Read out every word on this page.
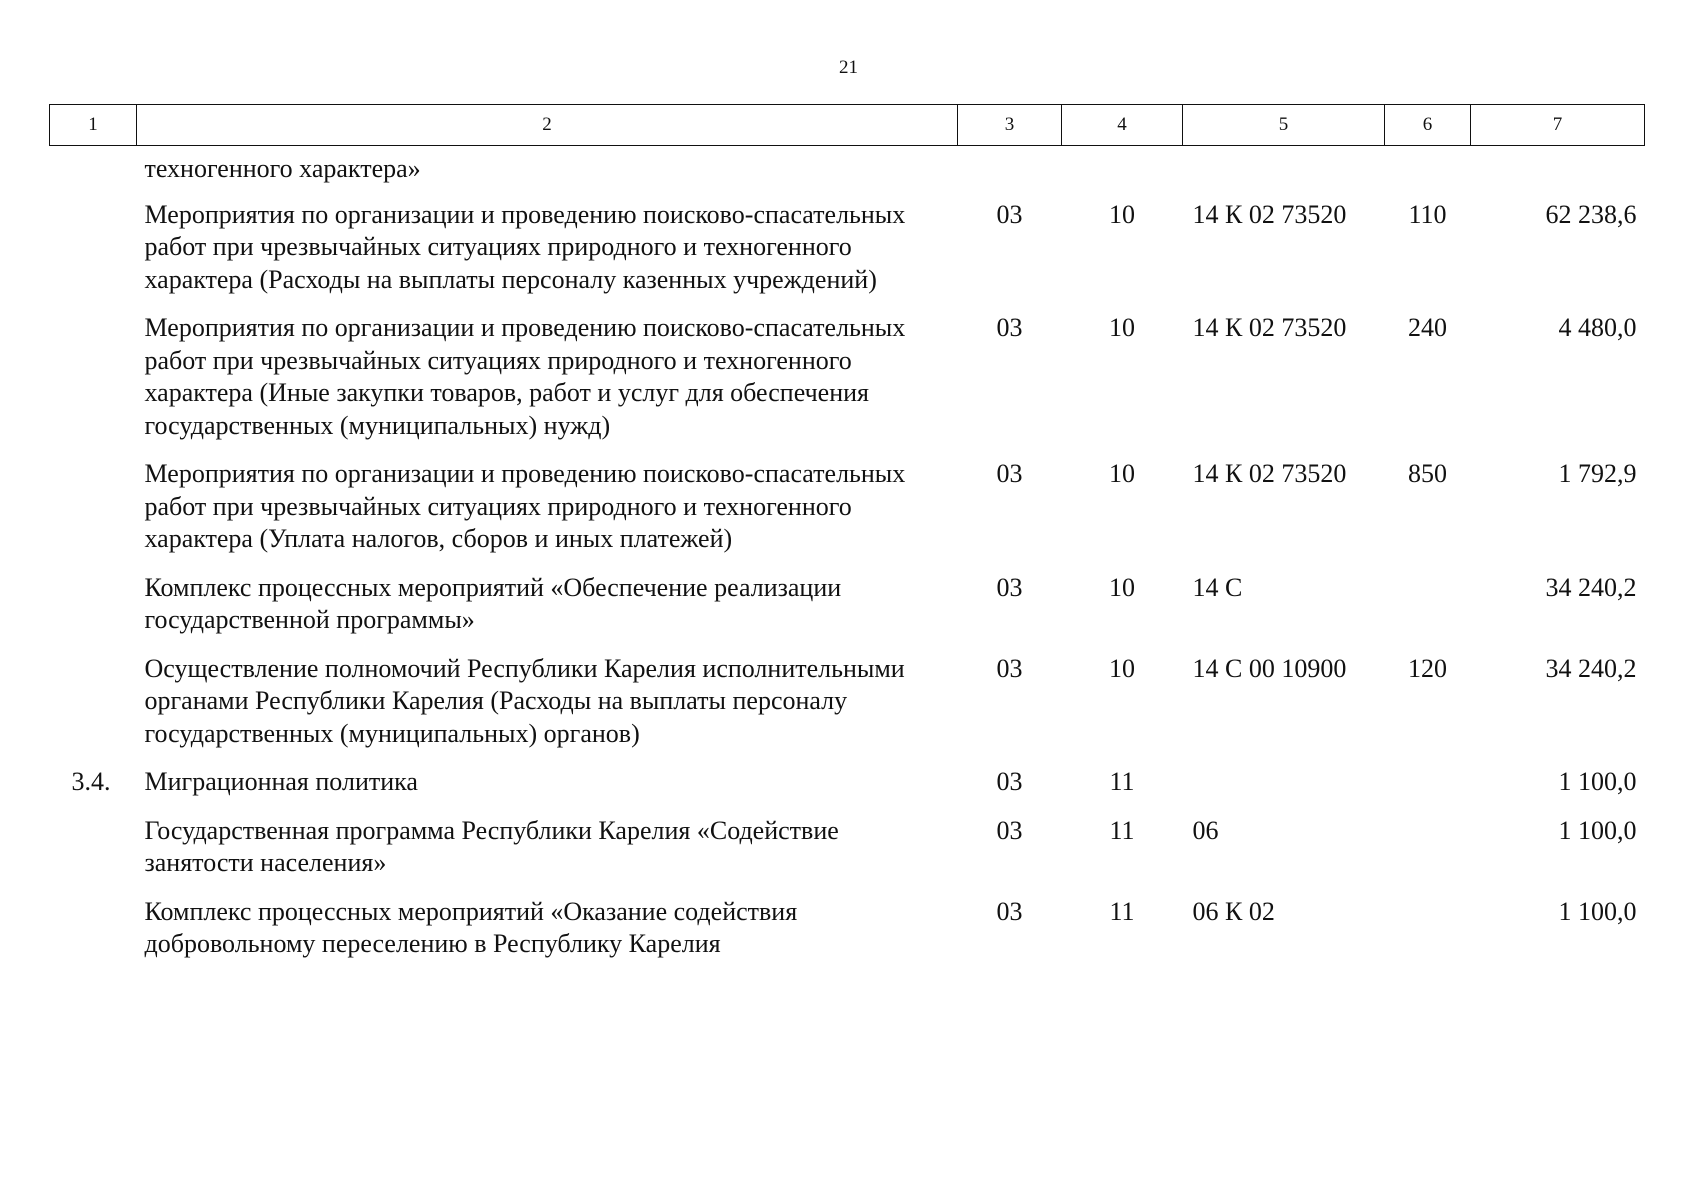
21
1	2	3	4	5	6	7
	техногенного характера»					
	Мероприятия по организации и проведению поисково-спасательных работ при чрезвычайных ситуациях природного и техногенного характера (Расходы на выплаты персоналу казенных учреждений)	03	10	14 К 02 73520	110	62 238,6
	Мероприятия по организации и проведению поисково-спасательных работ при чрезвычайных ситуациях природного и техногенного характера (Иные закупки товаров, работ и услуг для обеспечения государственных (муниципальных) нужд)	03	10	14 К 02 73520	240	4 480,0
	Мероприятия по организации и проведению поисково-спасательных работ при чрезвычайных ситуациях природного и техногенного характера (Уплата налогов, сборов и иных платежей)	03	10	14 К 02 73520	850	1 792,9
	Комплекс процессных мероприятий «Обеспечение реализации государственной программы»	03	10	14 С		34 240,2
	Осуществление полномочий Республики Карелия исполнительными органами Республики Карелия (Расходы на выплаты персоналу государственных (муниципальных) органов)	03	10	14 С 00 10900	120	34 240,2
3.4.	Миграционная политика	03	11			1 100,0
	Государственная программа Республики Карелия «Содействие занятости населения»	03	11	06		1 100,0
	Комплекс процессных мероприятий «Оказание содействия добровольному переселению в Республику Карелия	03	11	06 К 02		1 100,0
